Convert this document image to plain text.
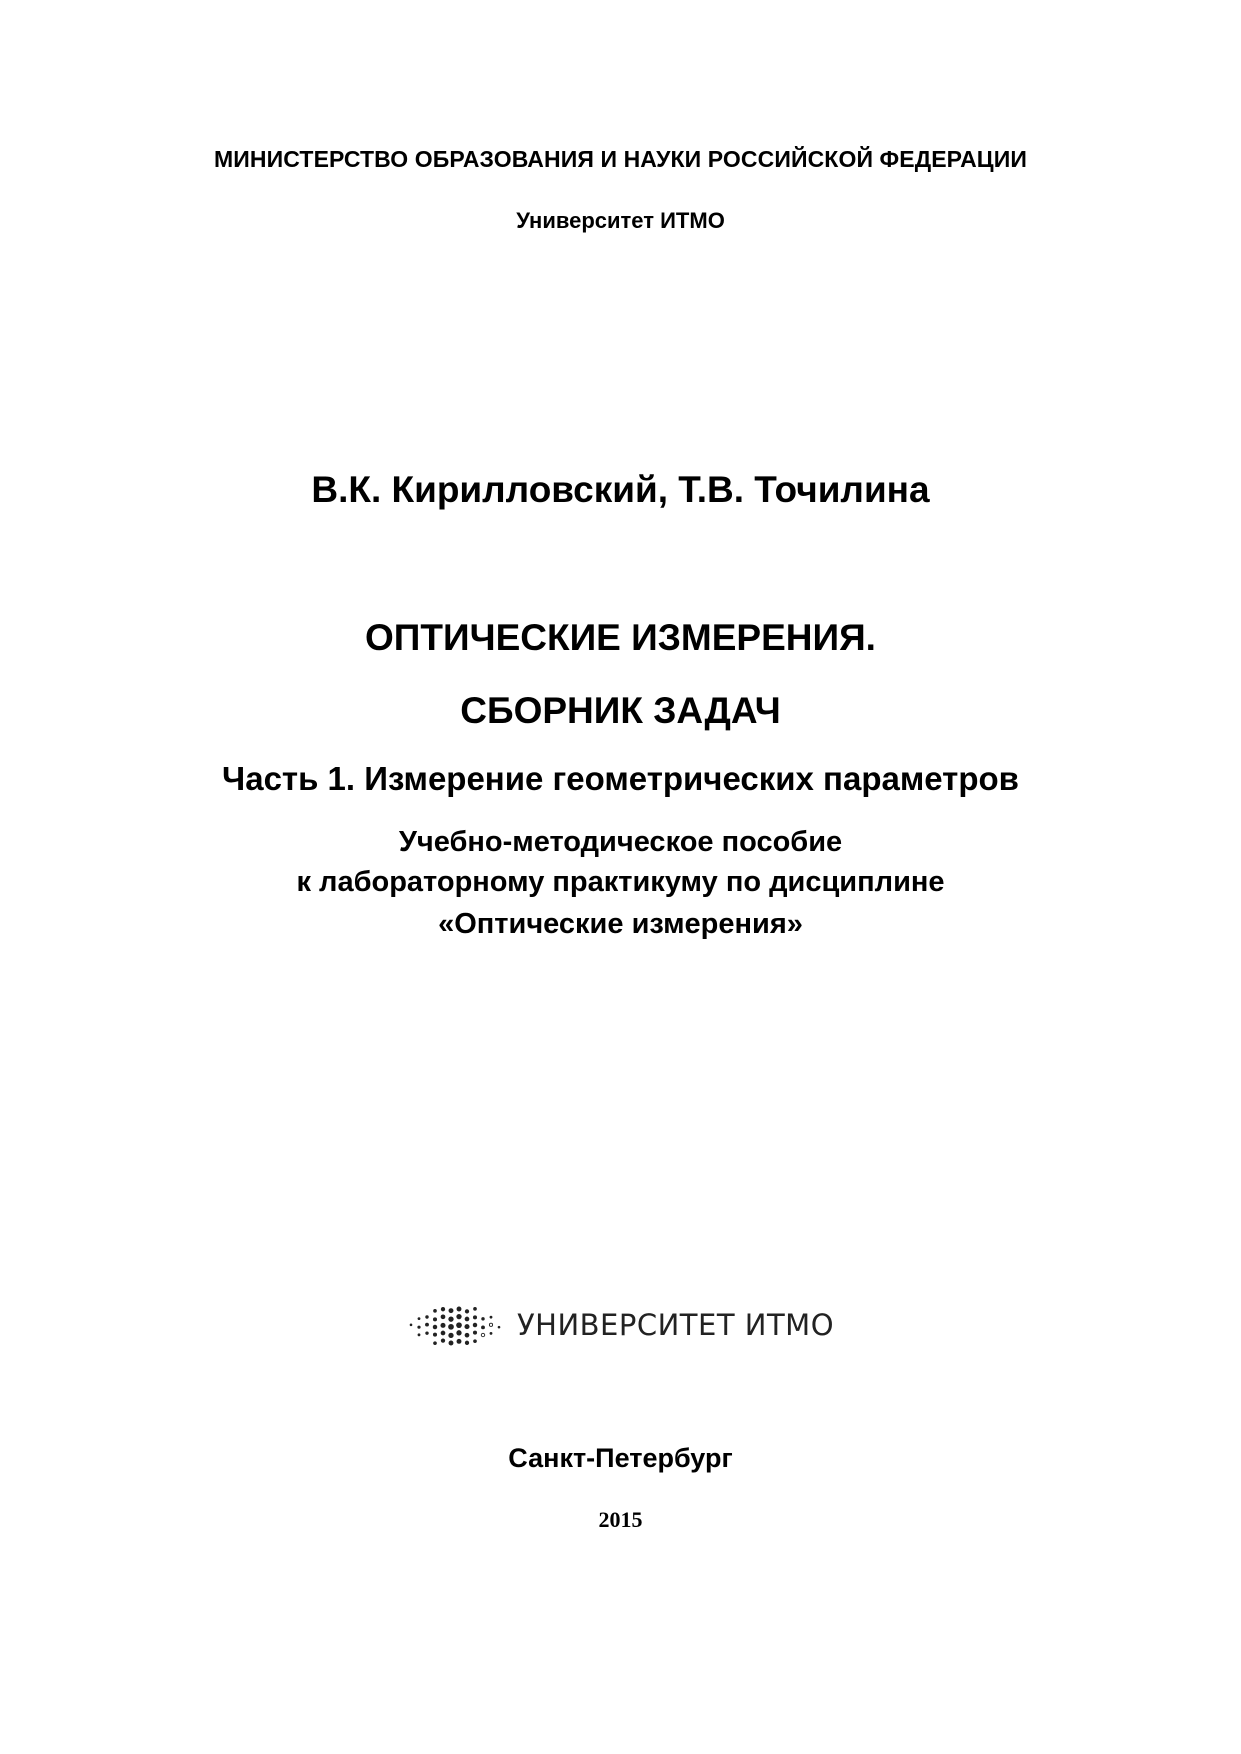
МИНИСТЕРСТВО ОБРАЗОВАНИЯ И НАУКИ РОССИЙСКОЙ ФЕДЕРАЦИИ
Университет ИТМО
В.К. Кирилловский, Т.В. Точилина
ОПТИЧЕСКИЕ ИЗМЕРЕНИЯ.
СБОРНИК ЗАДАЧ
Часть 1. Измерение геометрических параметров
Учебно-методическое пособие
к лабораторному практикуму по дисциплине
«Оптические измерения»
УНИВЕРСИТЕТ ИТМО
Санкт-Петербург
2015
